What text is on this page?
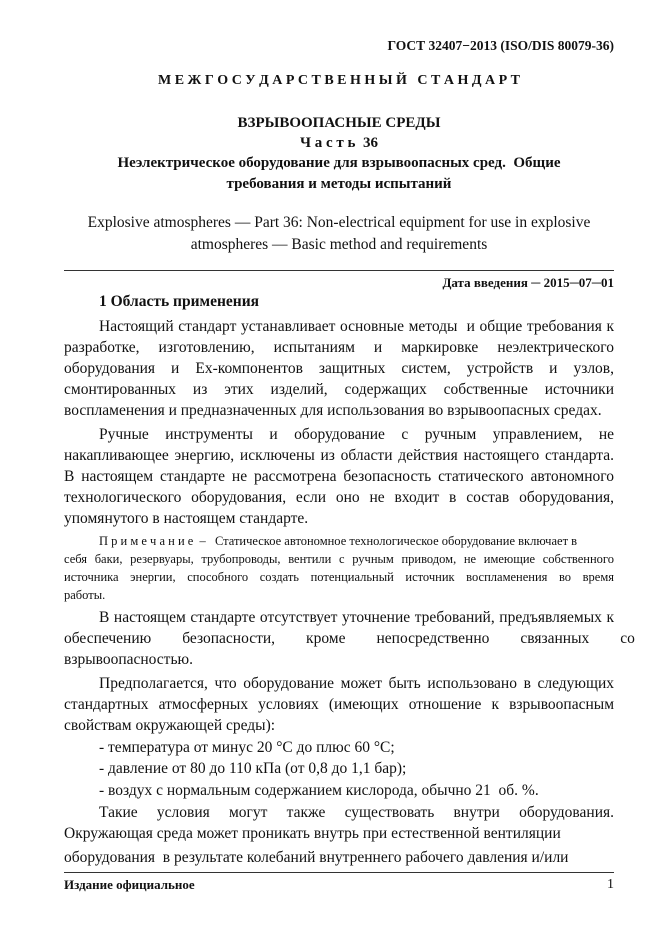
ГОСТ 32407−2013 (ISO/DIS 80079-36)
М Е Ж Г О С У Д А Р С Т В Е Н Н Ы Й   С Т А Н Д А Р Т
ВЗРЫВООПАСНЫЕ СРЕДЫ
Ч а с т ь  36
Неэлектрическое оборудование для взрывоопасных сред.  Общие
требования и методы испытаний
Explosive atmospheres — Part 36: Non-electrical equipment for use in explosive
atmospheres — Basic method and requirements
Дата введения ─ 2015─07─01
1 Область применения
Настоящий стандарт устанавливает основные методы  и общие требования к
разработке,    изготовлению,    испытаниям    и    маркировке    неэлектрического
оборудования    и    Ex-компонентов    защитных    систем,    устройств    и    узлов,
смонтированных    из    этих    изделий,    содержащих    собственные    источники
воспламенения и предназначенных для использования во взрывоопасных средах.
Ручные    инструменты    и    оборудование    с    ручным    управлением,    не
накапливающее энергию, исключены из области действия настоящего стандарта.
В настоящем стандарте не рассмотрена безопасность статического автономного
технологического оборудования, если оно не входит в состав оборудования,
упомянутого в настоящем стандарте.
П р и м е ч а н и е  – Статическое автономное технологическое оборудование включает в
себя баки, резервуары, трубопроводы, вентили с ручным приводом, не имеющие собственного
источника  энергии,  способного  создать  потенциальный  источник  воспламенения  во  время
работы.
В настоящем стандарте отсутствует уточнение требований, предъявляемых к
обеспечению        безопасности,        кроме        непосредственно        связанных        со
взрывоопасностью.
Предполагается, что оборудование может быть использовано в следующих
стандартных  атмосферных  условиях  (имеющих  отношение  к  взрывоопасным
свойствам окружающей среды):
- температура от минус 20 °C до плюс 60 °C;
- давление от 80 до 110 кПа (от 0,8 до 1,1 бар);
- воздух с нормальным содержанием кислорода, обычно 21  об. %.
Такие    условия    могут    также    существовать    внутри    оборудования.
Окружающая среда может проникать внутрь при естественной вентиляции
оборудования  в результате колебаний внутреннего рабочего давления и/или
Издание официальное	1
